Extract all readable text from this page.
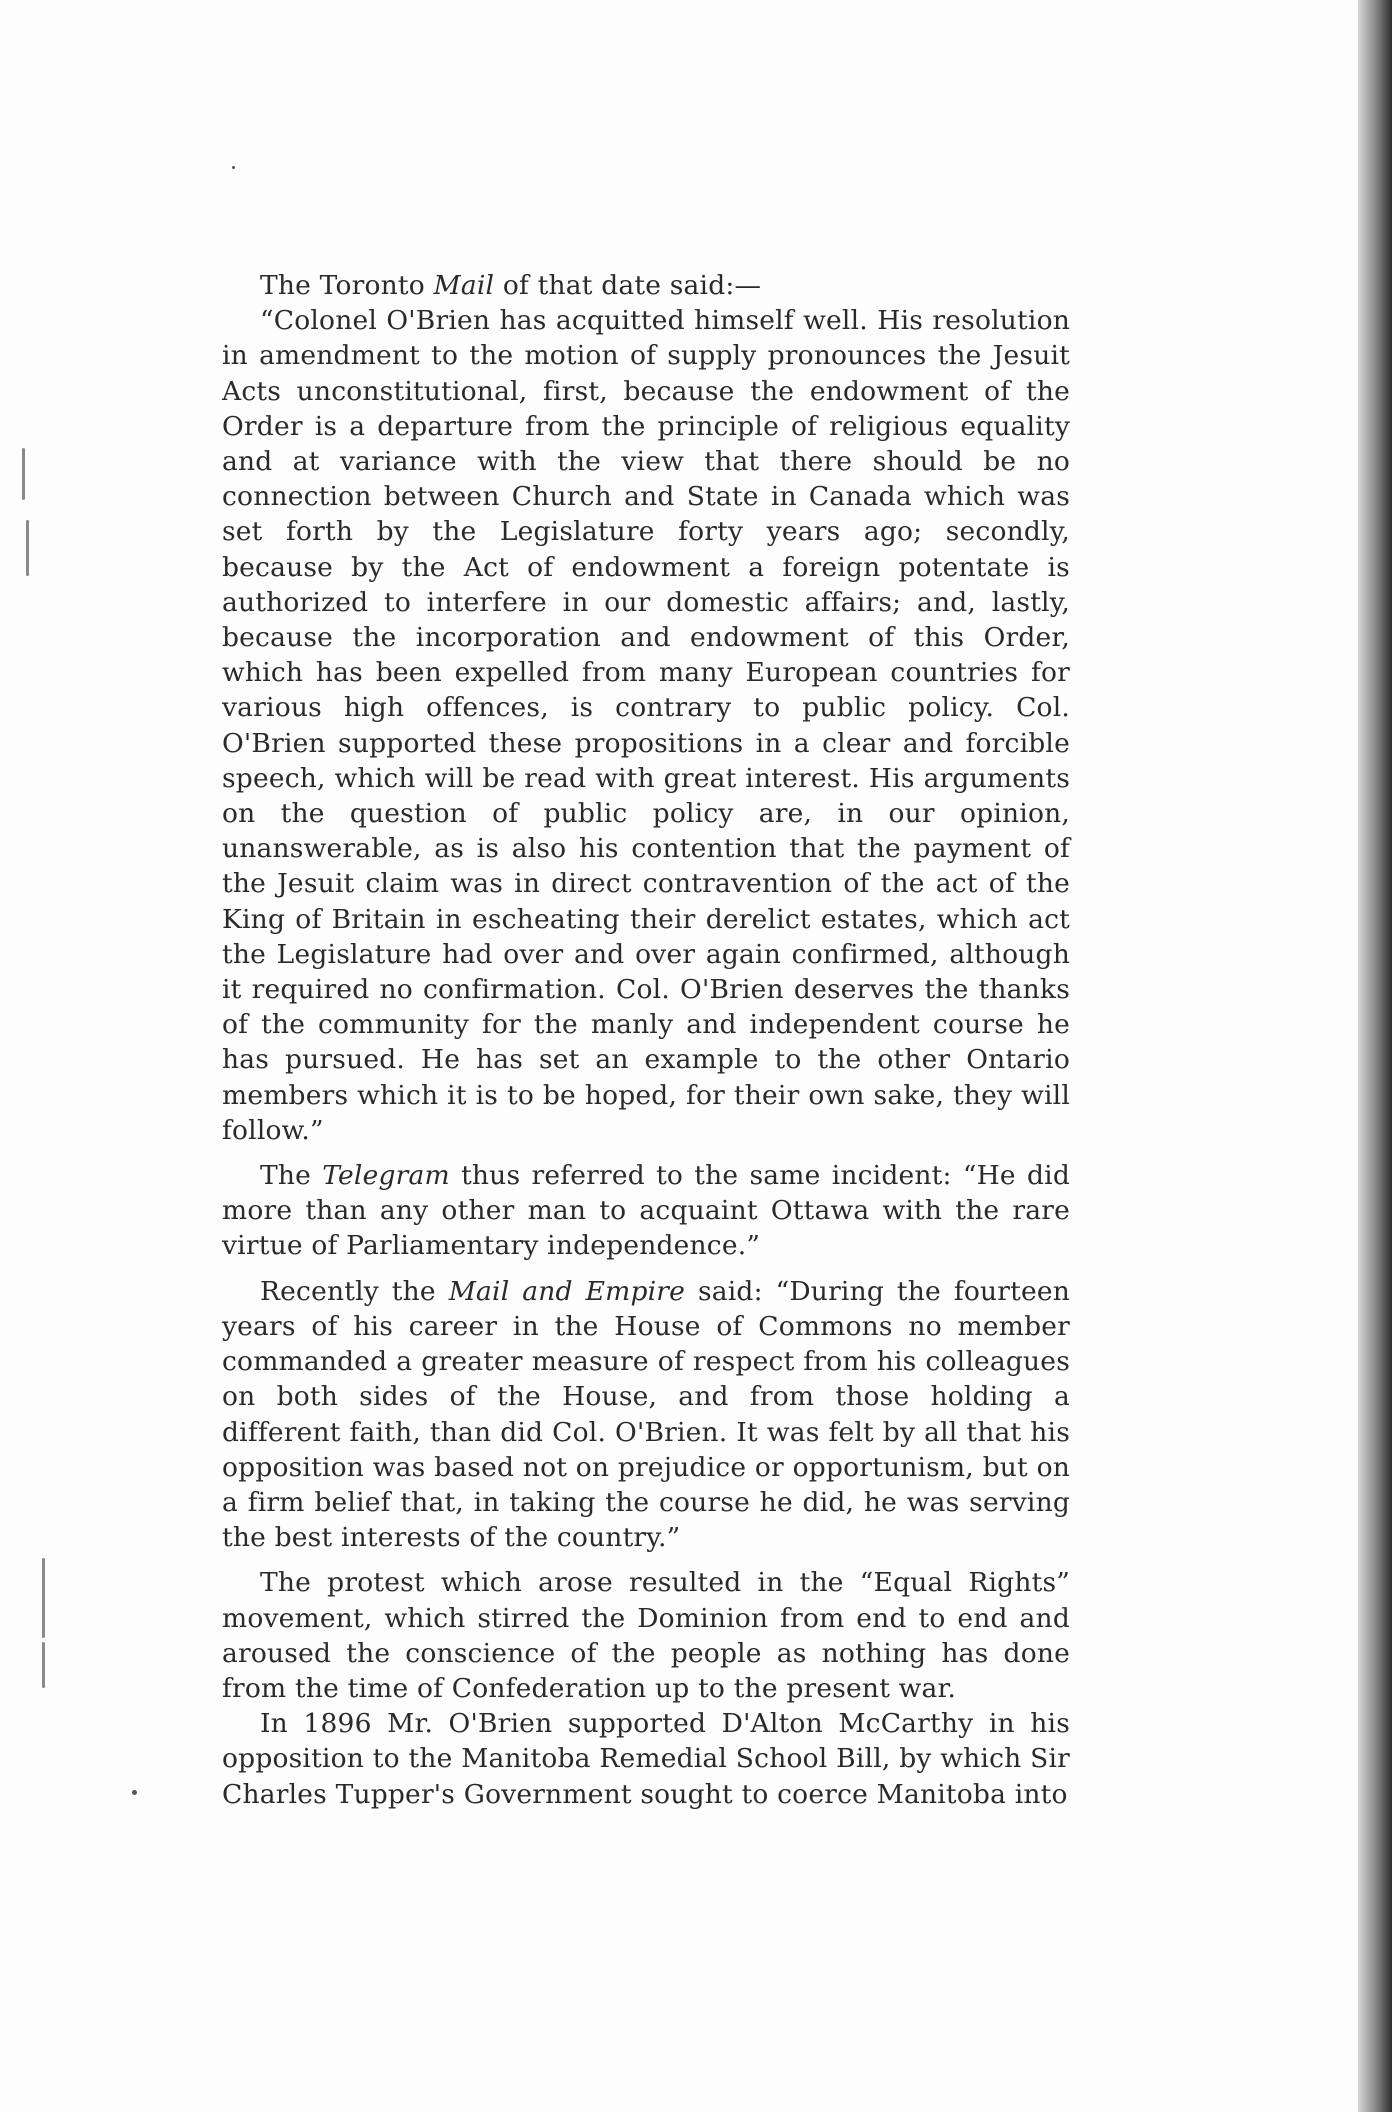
The Toronto Mail of that date said:—

“Colonel O'Brien has acquitted himself well. His resolution in amendment to the motion of supply pronounces the Jesuit Acts unconstitutional, first, because the endowment of the Order is a departure from the principle of religious equality and at variance with the view that there should be no connection between Church and State in Canada which was set forth by the Legislature forty years ago; secondly, because by the Act of endowment a foreign potentate is authorized to interfere in our domestic affairs; and, lastly, because the incorporation and endowment of this Order, which has been expelled from many European countries for various high offences, is contrary to public policy. Col. O'Brien supported these propositions in a clear and forcible speech, which will be read with great interest. His arguments on the question of public policy are, in our opinion, unanswerable, as is also his contention that the payment of the Jesuit claim was in direct contravention of the act of the King of Britain in escheating their derelict estates, which act the Legislature had over and over again confirmed, although it required no confirmation. Col. O'Brien deserves the thanks of the community for the manly and independent course he has pursued. He has set an example to the other Ontario members which it is to be hoped, for their own sake, they will follow.”

The Telegram thus referred to the same incident: “He did more than any other man to acquaint Ottawa with the rare virtue of Parliamentary independence.”

Recently the Mail and Empire said: “During the fourteen years of his career in the House of Commons no member commanded a greater measure of respect from his colleagues on both sides of the House, and from those holding a different faith, than did Col. O'Brien. It was felt by all that his opposition was based not on prejudice or opportunism, but on a firm belief that, in taking the course he did, he was serving the best interests of the country.”

The protest which arose resulted in the “Equal Rights” movement, which stirred the Dominion from end to end and aroused the conscience of the people as nothing has done from the time of Confederation up to the present war.

In 1896 Mr. O'Brien supported D'Alton McCarthy in his opposition to the Manitoba Remedial School Bill, by which Sir Charles Tupper's Government sought to coerce Manitoba into
